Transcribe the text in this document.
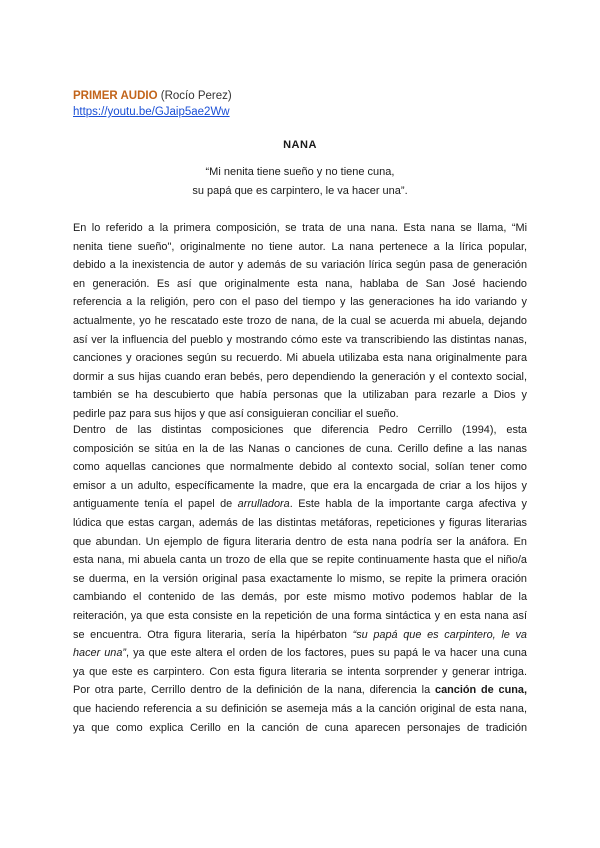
PRIMER AUDIO (Rocío Perez)
https://youtu.be/GJaip5ae2Ww
NANA
“Mi nenita tiene sueño y no tiene cuna,
su papá que es carpintero, le va hacer una”.
En lo referido a la primera composición, se trata de una nana. Esta nana se llama, “Mi
nenita tiene sueño", originalmente no tiene autor. La nana pertenece a la lírica popular,
debido a la inexistencia de autor y además de su variación lírica según pasa de generación
en generación. Es así que originalmente esta nana, hablaba de San José haciendo
referencia a la religión, pero con el paso del tiempo y las generaciones ha ido variando y
actualmente, yo he rescatado este trozo de nana, de la cual se acuerda mi abuela, dejando
así ver la influencia del pueblo y mostrando cómo este va transcribiendo las distintas nanas,
canciones y oraciones según su recuerdo. Mi abuela utilizaba esta nana originalmente para
dormir a sus hijas cuando eran bebés, pero dependiendo la generación y el contexto social,
también se ha descubierto que había personas que la utilizaban para rezarle a Dios y
pedirle paz para sus hijos y que así consiguieran conciliar el sueño.
Dentro de las distintas composiciones que diferencia Pedro Cerrillo (1994), esta
composición se sitúa en la de las Nanas o canciones de cuna. Cerillo define a las nanas
como aquellas canciones que normalmente debido al contexto social, solían tener como
emisor a un adulto, específicamente la madre, que era la encargada de criar a los hijos y
antiguamente tenía el papel de arrulladora. Este habla de la importante carga afectiva y
lúdica que estas cargan, además de las distintas metáforas, repeticiones y figuras literarias
que abundan. Un ejemplo de figura literaria dentro de esta nana podría ser la anáfora. En
esta nana, mi abuela canta un trozo de ella que se repite continuamente hasta que el niño/a
se duerma, en la versión original pasa exactamente lo mismo, se repite la primera oración
cambiando el contenido de las demás, por este mismo motivo podemos hablar de la
reiteración, ya que esta consiste en la repetición de una forma sintáctica y en esta nana así
se encuentra. Otra figura literaria, sería la hipérbaton “su papá que es carpintero, le va
hacer una”, ya que este altera el orden de los factores, pues su papá le va hacer una cuna
ya que este es carpintero. Con esta figura literaria se intenta sorprender y generar intriga.
Por otra parte, Cerrillo dentro de la definición de la nana, diferencia la canción de cuna,
que haciendo referencia a su definición se asemeja más a la canción original de esta nana,
ya que como explica Cerillo en la canción de cuna aparecen personajes de tradición
